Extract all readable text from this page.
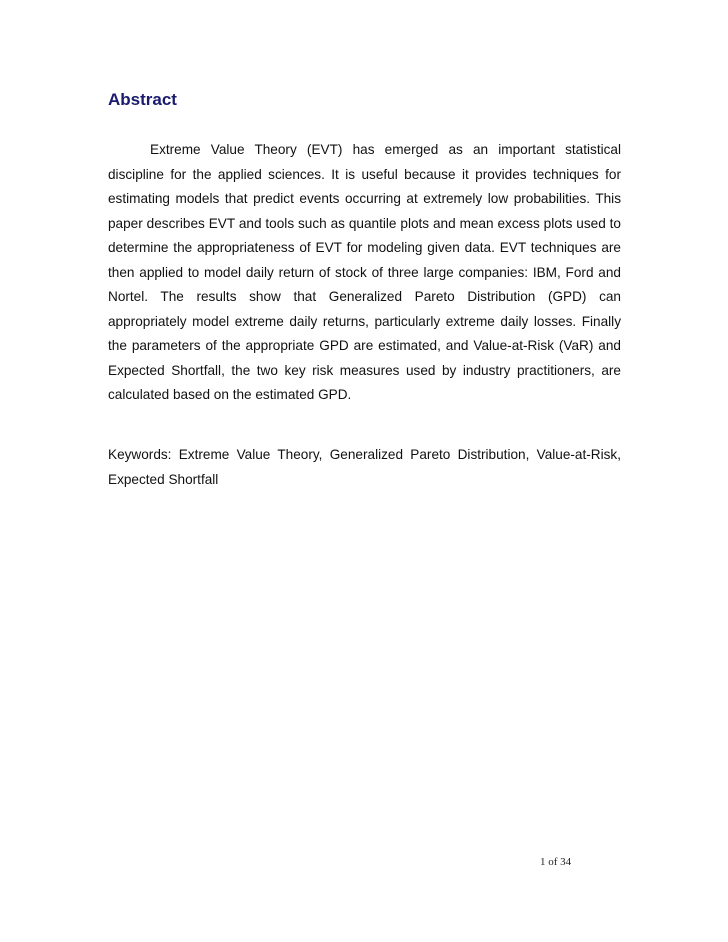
Abstract

Extreme Value Theory (EVT) has emerged as an important statistical discipline for the applied sciences. It is useful because it provides techniques for estimating models that predict events occurring at extremely low probabilities. This paper describes EVT and tools such as quantile plots and mean excess plots used to determine the appropriateness of EVT for modeling given data. EVT techniques are then applied to model daily return of stock of three large companies: IBM, Ford and Nortel. The results show that Generalized Pareto Distribution (GPD) can appropriately model extreme daily returns, particularly extreme daily losses. Finally the parameters of the appropriate GPD are estimated, and Value-at-Risk (VaR) and Expected Shortfall, the two key risk measures used by industry practitioners, are calculated based on the estimated GPD.

Keywords: Extreme Value Theory, Generalized Pareto Distribution, Value-at-Risk, Expected Shortfall

1 of 34
